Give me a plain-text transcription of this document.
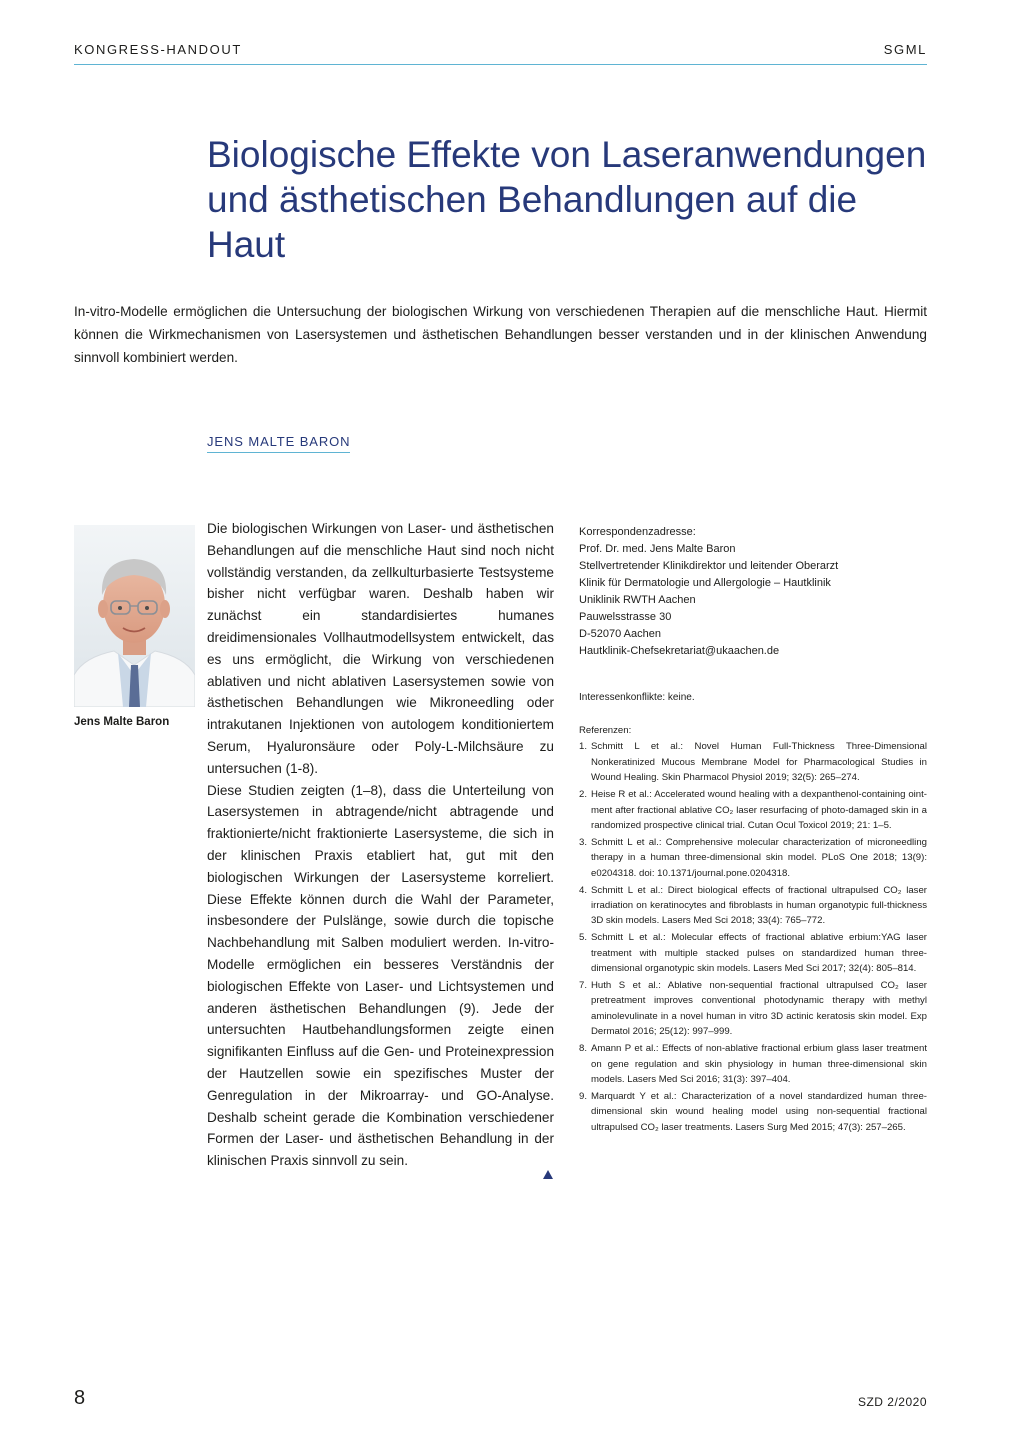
KONGRESS-HANDOUT	SGML
Biologische Effekte von Laseranwendungen und ästhetischen Behandlungen auf die Haut

In-vitro-Modelle ermöglichen die Untersuchung der biologischen Wirkung von verschiedenen Therapien auf die menschliche Haut. Hiermit können die Wirkmechanismen von Lasersystemen und ästhetischen Behandlungen besser verstanden und in der klinischen Anwendung sinnvoll kombiniert werden.

JENS MALTE BARON
Jens Malte Baron

Die biologischen Wirkungen von Laser- und ästhetischen Behandlungen auf die menschliche Haut sind noch nicht vollständig verstanden, da zellkulturbasierte Testsysteme bisher nicht verfügbar waren. Deshalb haben wir zunächst ein standardisiertes humanes dreidimensionales Vollhautmodellsystem entwickelt, das es uns ermöglicht, die Wirkung von verschiedenen ablativen und nicht ablativen Lasersystemen sowie von ästhetischen Behandlungen wie Mikroneedling oder intrakutanen Injektionen von autologem konditioniertem Serum, Hyaluronsäure oder Poly-L-Milchsäure zu untersuchen (1-8).

Diese Studien zeigten (1–8), dass die Unterteilung von Lasersystemen in abtragende/nicht abtragende und fraktionierte/nicht fraktionierte Lasersysteme, die sich in der klinischen Praxis etabliert hat, gut mit den biologischen Wirkungen der Lasersysteme korreliert. Diese Effekte können durch die Wahl der Parameter, insbesondere der Pulslänge, sowie durch die topische Nachbehandlung mit Salben moduliert werden. In-vitro-Modelle ermöglichen ein besseres Verständnis der biologischen Effekte von Laser- und Lichtsystemen und anderen ästhetischen Behandlungen (9). Jede der untersuchten Hautbehandlungsformen zeigte einen signifikanten Einfluss auf die Gen- und Proteinexpression der Hautzellen sowie ein spezifisches Muster der Genregulation in der Mikroarray- und GO-Analyse. Deshalb scheint gerade die Kombination verschiedener Formen der Laser- und ästhetischen Behandlung in der klinischen Praxis sinnvoll zu sein.

Korrespondenzadresse:
Prof. Dr. med. Jens Malte Baron
Stellvertretender Klinikdirektor und leitender Oberarzt
Klinik für Dermatologie und Allergologie – Hautklinik
Uniklinik RWTH Aachen
Pauwelsstrasse 30
D-52070 Aachen
Hautklinik-Chefsekretariat@ukaachen.de
Interessenkonflikte: keine.
Referenzen:
1. Schmitt L et al.: Novel Human Full-Thickness Three-Dimensional Nonkeratinized Mucous Membrane Model for Pharmacological Studies in Wound Healing. Skin Pharmacol Physiol 2019; 32(5): 265–274.
2. Heise R et al.: Accelerated wound healing with a dexpanthenol-containing ointment after fractional ablative CO₂ laser resurfacing of photo-damaged skin in a randomized prospective clinical trial. Cutan Ocul Toxicol 2019; 21: 1–5.
3. Schmitt L et al.: Comprehensive molecular characterization of microneedling therapy in a human three-dimensional skin model. PLoS One 2018; 13(9): e0204318. doi: 10.1371/journal.pone.0204318.
4. Schmitt L et al.: Direct biological effects of fractional ultrapulsed CO₂ laser irradiation on keratinocytes and fibroblasts in human organotypic full-thickness 3D skin models. Lasers Med Sci 2018; 33(4): 765–772.
5. Schmitt L et al.: Molecular effects of fractional ablative erbium:YAG laser treatment with multiple stacked pulses on standardized human three-dimensional organotypic skin models. Lasers Med Sci 2017; 32(4): 805–814.
7. Huth S et al.: Ablative non-sequential fractional ultrapulsed CO₂ laser pretreatment improves conventional photodynamic therapy with methyl aminolevulinate in a novel human in vitro 3D actinic keratosis skin model. Exp Dermatol 2016; 25(12): 997–999.
8. Amann P et al.: Effects of non-ablative fractional erbium glass laser treatment on gene regulation and skin physiology in human three-dimensional skin models. Lasers Med Sci 2016; 31(3): 397–404.
9. Marquardt Y et al.: Characterization of a novel standardized human three-dimensional skin wound healing model using non-sequential fractional ultrapulsed CO₂ laser treatments. Lasers Surg Med 2015; 47(3): 257–265.
8	SZD 2/2020
